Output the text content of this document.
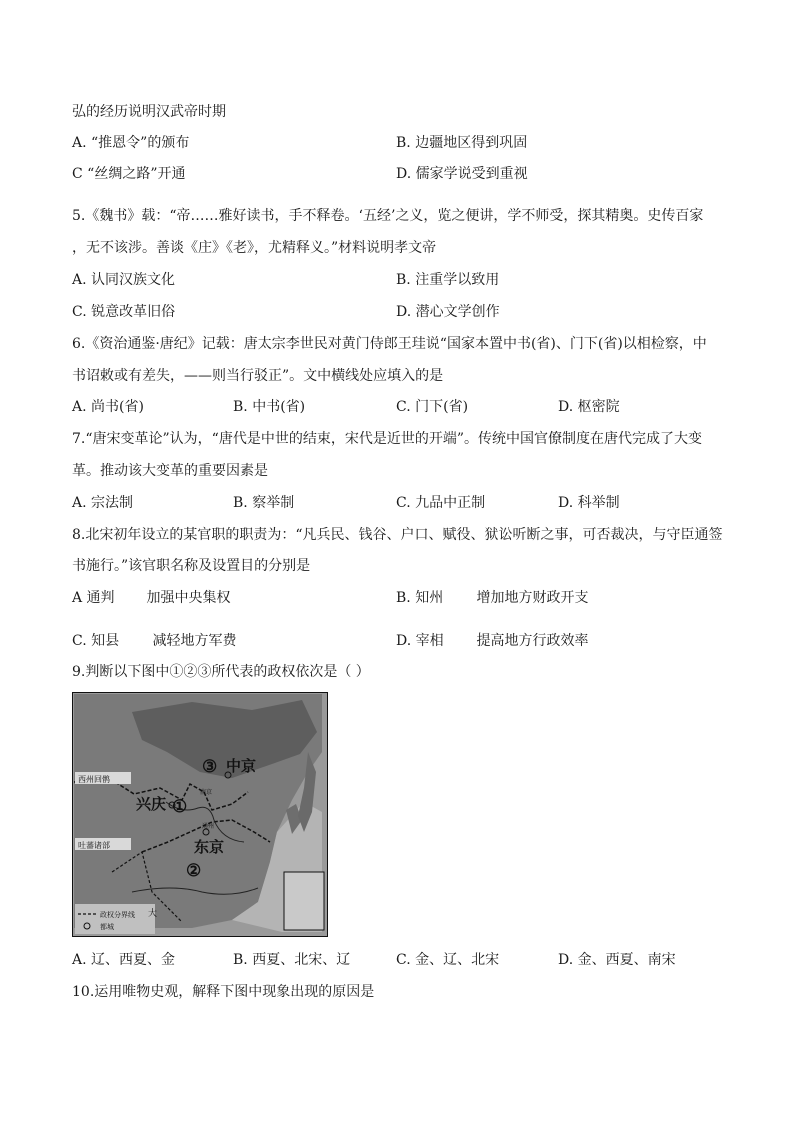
弘的经历说明汉武帝时期
A. “推恩令”的颁布	B. 边疆地区得到巩固
C “丝绸之路”开通	D. 儒家学说受到重视
5.《魏书》载：“帝……雅好读书，手不释卷。‘五经’之义，览之便讲，学不师受，探其精奥。史传百家
，无不该涉。善谈《庄》《老》，尤精释义。”材料说明孝文帝
A. 认同汉族文化	B. 注重学以致用
C. 锐意改革旧俗	D. 潜心文学创作
6.《资治通鉴·唐纪》记载：唐太宗李世民对黄门侍郎王珪说“国家本置中书(省)、门下(省)以相检察，中
书诏敕或有差失，——则当行驳正”。文中横线处应填入的是
A. 尚书(省)	B. 中书(省)	C. 门下(省)	D. 枢密院
7.“唐宋变革论”认为，“唐代是中世的结束，宋代是近世的开端”。传统中国官僚制度在唐代完成了大变
革。推动该大变革的重要因素是
A. 宗法制	B. 察举制	C. 九品中正制	D. 科举制
8.北宋初年设立的某官职的职责为：“凡兵民、钱谷、户口、赋役、狱讼听断之事，可否裁决，与守臣通签
书施行。”该官职名称及设置目的分别是
A 通判 加强中央集权	B. 知州 增加地方财政开支
C. 知县 减轻地方军费	D. 宰相 提高地方行政效率
9.判断以下图中①②③所代表的政权依次是（ ）
政权分界线
都城
西州回鹘
吐蕃诸部
大
南京
通州
中京
③
兴庆 ①
东京
②
A. 辽、西夏、金	B. 西夏、北宋、辽	C. 金、辽、北宋	D. 金、西夏、南宋
10.运用唯物史观，解释下图中现象出现的原因是
